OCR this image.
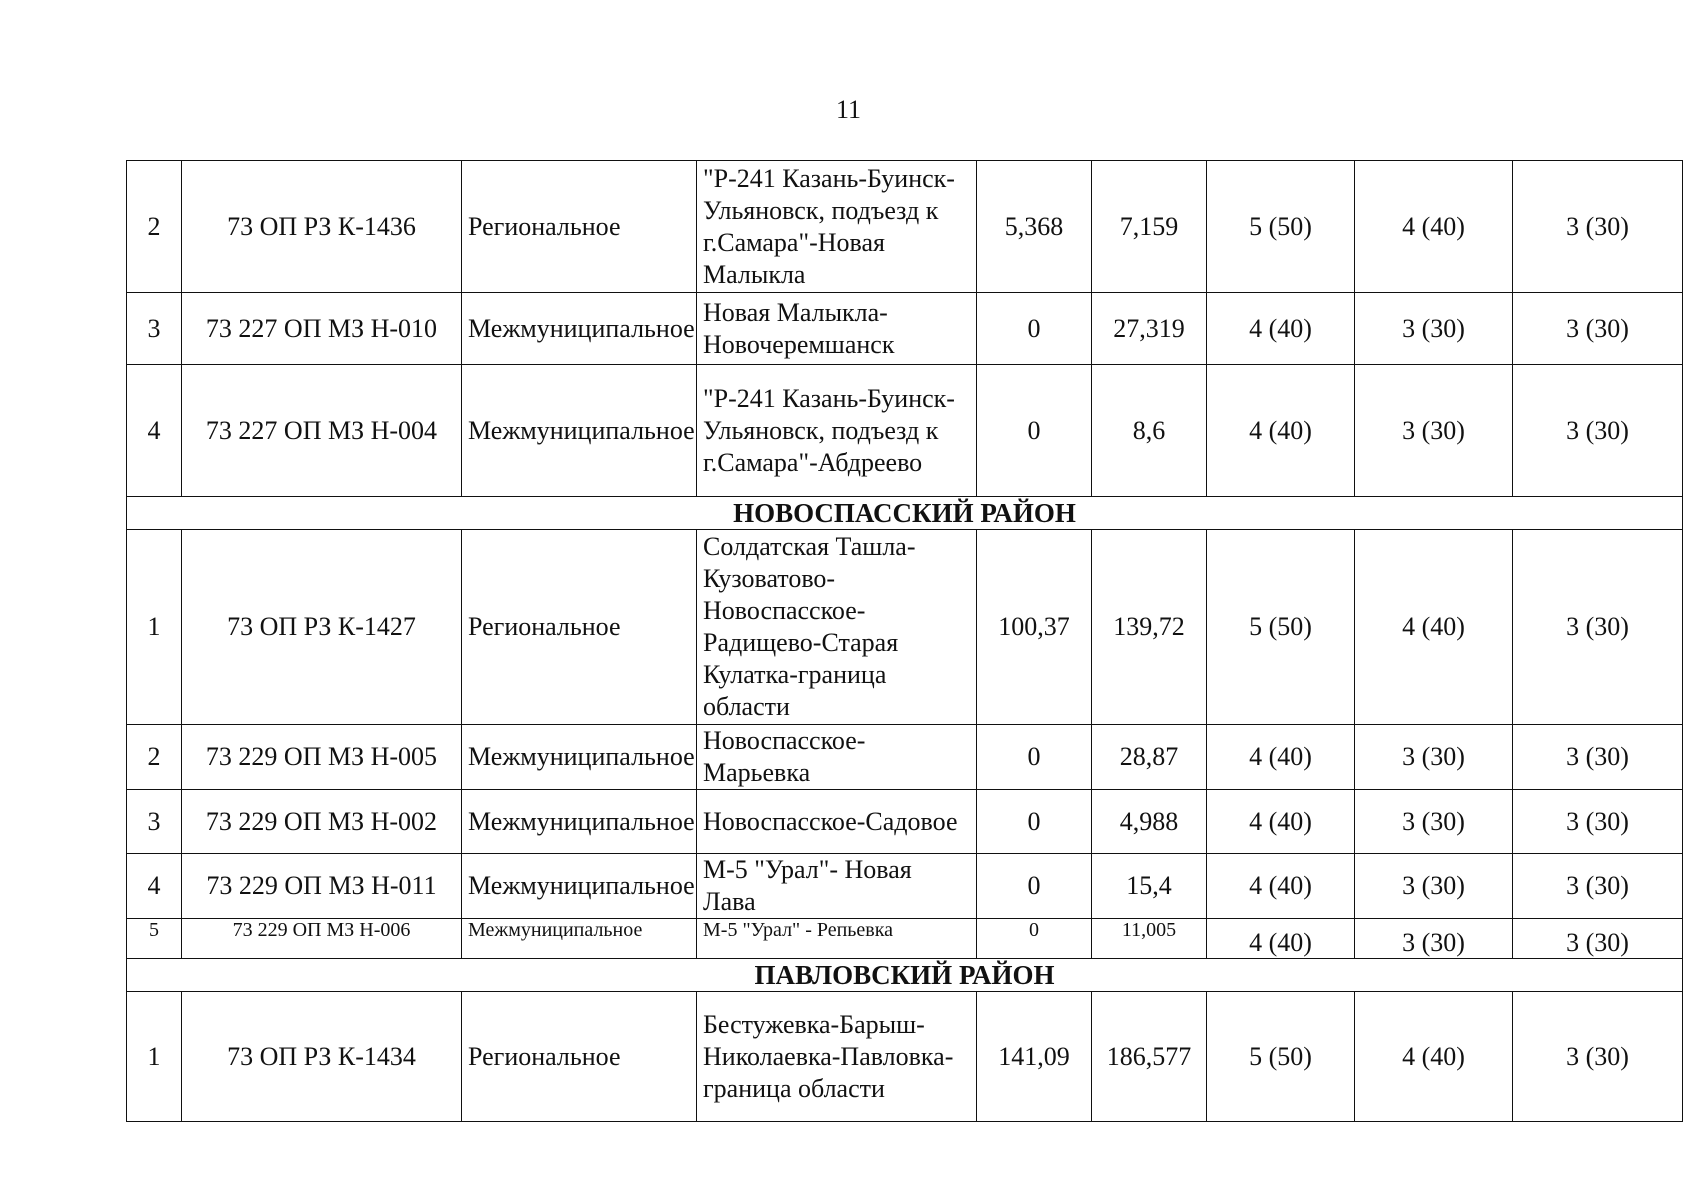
11
2	73 ОП РЗ К-1436	Региональное	"Р-241 Казань-Буинск-Ульяновск, подъезд к г.Самара"-Новая Малыкла	5,368	7,159	5 (50)	4 (40)	3 (30)
3	73 227 ОП МЗ Н-010	Межмуниципальное	Новая Малыкла-Новочеремшанск	0	27,319	4 (40)	3 (30)	3 (30)
4	73 227 ОП МЗ Н-004	Межмуниципальное	"Р-241 Казань-Буинск-Ульяновск, подъезд к г.Самара"-Абдреево	0	8,6	4 (40)	3 (30)	3 (30)
НОВОСПАССКИЙ РАЙОН								
1	73 ОП РЗ К-1427	Региональное	Солдатская Ташла-Кузоватово-Новоспасское-Радищево-Старая Кулатка-граница области	100,37	139,72	5 (50)	4 (40)	3 (30)
2	73 229 ОП МЗ Н-005	Межмуниципальное	Новоспасское-Марьевка	0	28,87	4 (40)	3 (30)	3 (30)
3	73 229 ОП МЗ Н-002	Межмуниципальное	Новоспасское-Садовое	0	4,988	4 (40)	3 (30)	3 (30)
4	73 229 ОП МЗ Н-011	Межмуниципальное	М-5 "Урал"- Новая Лава	0	15,4	4 (40)	3 (30)	3 (30)
5	73 229 ОП МЗ Н-006	Межмуниципальное	М-5 "Урал" - Репьевка	0	11,005	4 (40)	3 (30)	3 (30)
ПАВЛОВСКИЙ РАЙОН								
1	73 ОП РЗ К-1434	Региональное	Бестужевка-Барыш-Николаевка-Павловка-граница области	141,09	186,577	5 (50)	4 (40)	3 (30)
